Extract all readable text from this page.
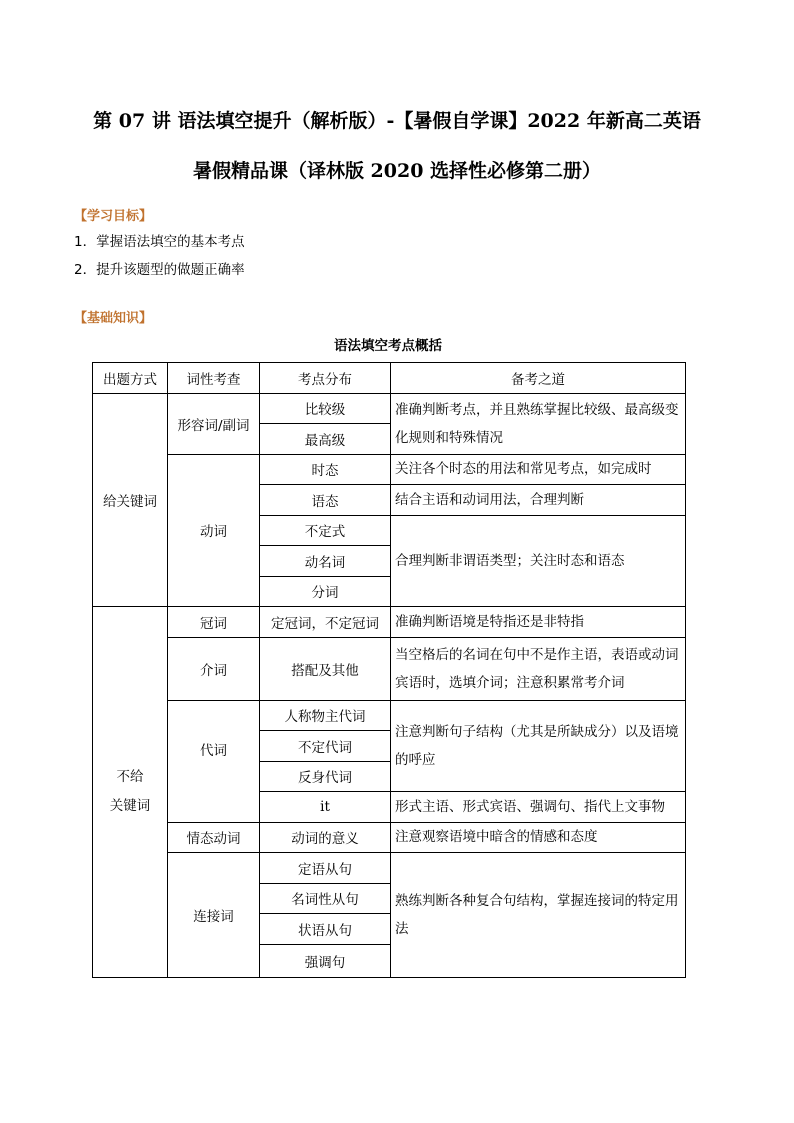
第 07 讲 语法填空提升（解析版）-【暑假自学课】2022 年新高二英语
暑假精品课（译林版 2020 选择性必修第二册）
【学习目标】
1．掌握语法填空的基本考点
2．提升该题型的做题正确率
【基础知识】
语法填空考点概括
出题方式	词性考查	考点分布	备考之道
给关键词	形容词/副词	比较级	准确判断考点，并且熟练掌握比较级、最高级变化规则和特殊情况
		最高级	
	动词	时态	关注各个时态的用法和常见考点，如完成时
		语态	结合主语和动词用法，合理判断
		不定式	合理判断非谓语类型；关注时态和语态
		动名词	
		分词	
不给
关键词	冠词	定冠词，不定冠词	准确判断语境是特指还是非特指
	介词	搭配及其他	当空格后的名词在句中不是作主语，表语或动词宾语时，选填介词；注意积累常考介词
	代词	人称物主代词	注意判断句子结构（尤其是所缺成分）以及语境的呼应
		不定代词	
		反身代词	
		it	形式主语、形式宾语、强调句、指代上文事物
	情态动词	动词的意义	注意观察语境中暗含的情感和态度
	连接词	定语从句	熟练判断各种复合句结构，掌握连接词的特定用法
		名词性从句	
		状语从句	
		强调句	
